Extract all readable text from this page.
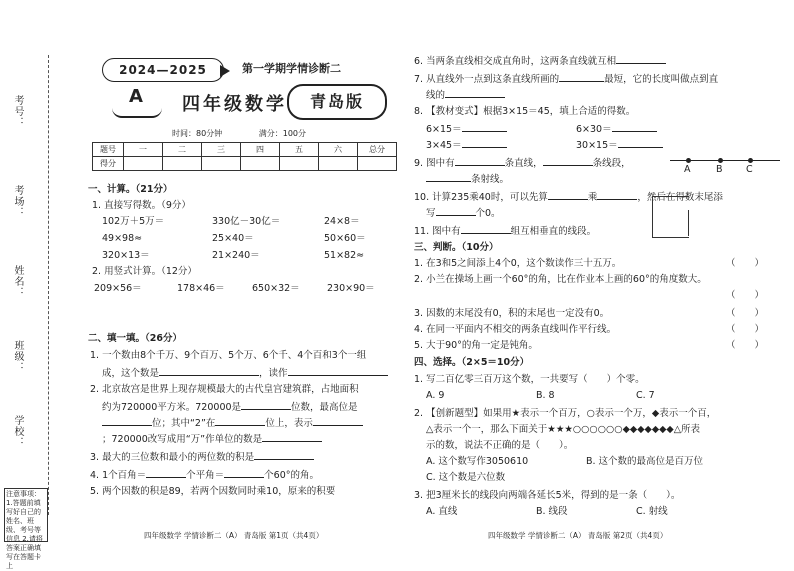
考号：
考场：
姓名：
班级：
学校：
注意事项：1.答题前填写好自己的姓名、班级、考号等信息 2.请将答案正确填写在答题卡上
2024—2025	第一学期学情诊断二
A 四年级数学	青岛版
时间：80分钟	满分：100分
题号	一	二	三	四	五	六	总分
得分							
一、计算。（21分）
1. 直接写得数。（9分）
102万＋5万＝	330亿－30亿＝	24×8＝
49×98≈	25×40＝	50×60＝
320×13＝	21×240＝	51×82≈
2. 用竖式计算。（12分）
209×56＝	178×46＝	650×32＝	230×90＝
二、填一填。（26分）
1. 一个数由8个千万、9个百万、5个万、6个千、4个百和3个一组
成，这个数是	，读作
2. 北京故宫是世界上现存规模最大的古代皇宫建筑群，占地面积
约为720000平方米。720000是	位数，最高位是
位；其中“2”在	位上，表示
；720000改写成用“万”作单位的数是
3. 最大的三位数和最小的两位数的积是
4. 1个百角＝	个平角＝	个60°的角。
5. 两个因数的积是89，若两个因数同时乘10，原来的积要
四年级数学 学情诊断二（A） 青岛版 第1页（共4页）
6. 当两条直线相交成直角时，这两条直线就互相
7. 从直线外一点到这条直线所画的	最短，它的长度叫做点到直
线的
8. 【教材变式】根据3×15＝45，填上合适的得数。
6×15＝	6×30＝
3×45＝	30×15＝
9. 图中有	条直线，	条线段，
条射线。
A	B C
10. 计算235乘40时，可以先算	乘	，然后在得数末尾添
写	个0。
11. 图中有	组互相垂直的线段。
三、判断。（10分）
1. 在3和5之间添上4个0，这个数读作三十五万。	（　　）
2. 小兰在操场上画一个60°的角，比在作业本上画的60°的角度数大。
（　　）
3. 因数的末尾没有0，积的末尾也一定没有0。	（　　）
4. 在同一平面内不相交的两条直线叫作平行线。	（　　）
5. 大于90°的角一定是钝角。	（　　）
四、选择。（2×5＝10分）
1. 写二百亿零三百万这个数，一共要写（　　）个零。
A. 9	B. 8	C. 7
2. 【创新题型】如果用★表示一个百万，○表示一个万，◆表示一个百，
△表示一个一，那么下面关于★★★○○○○○○◆◆◆◆◆◆◆△所表
示的数，说法不正确的是（　　）。
A. 这个数写作3050610	B. 这个数的最高位是百万位
C. 这个数是六位数
3. 把3厘米长的线段向两端各延长5米，得到的是一条（　　）。
A. 直线	B. 线段	C. 射线
四年级数学 学情诊断二（A） 青岛版 第2页（共4页）
